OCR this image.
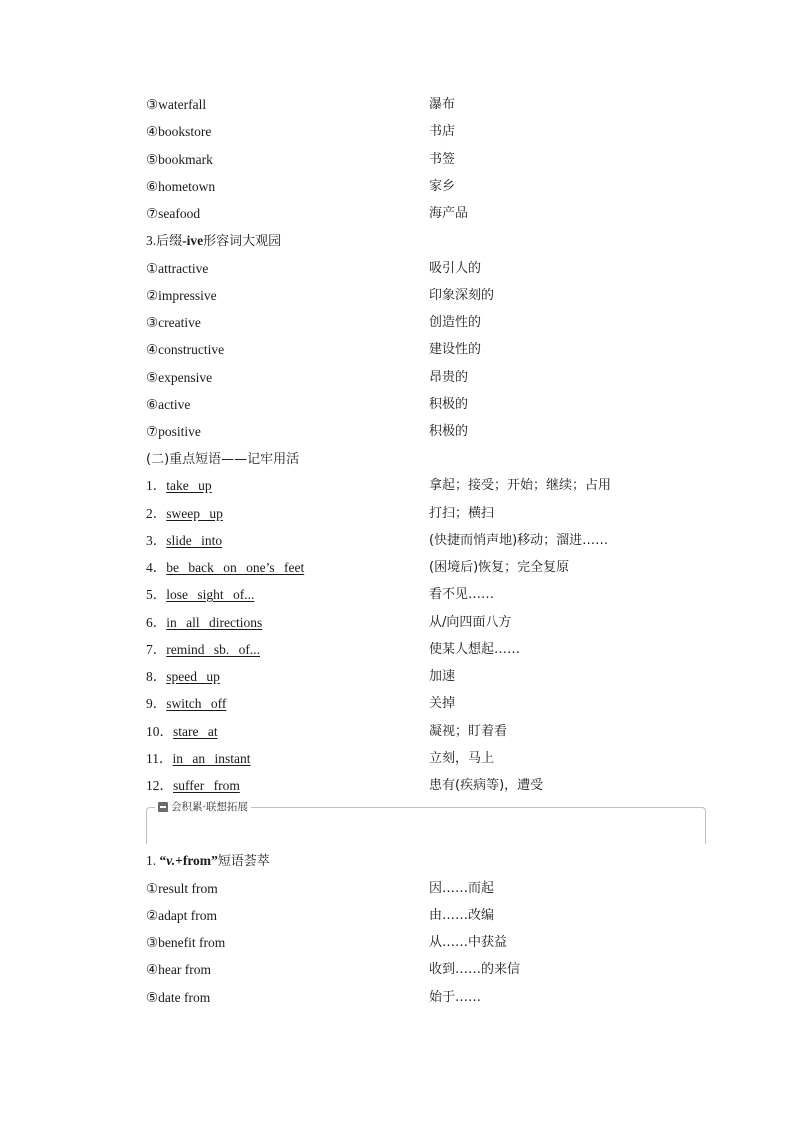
③waterfall	瀑布
④bookstore	书店
⑤bookmark	书签
⑥hometown	家乡
⑦seafood	海产品
3.后缀-ive形容词大观园
①attractive	吸引人的
②impressive	印象深刻的
③creative	创造性的
④constructive	建设性的
⑤expensive	昂贵的
⑥active	积极的
⑦positive	积极的
(二)重点短语——记牢用活
1．take up	拿起；接受；开始；继续；占用
2．sweep up	打扫；横扫
3．slide into	(快捷而悄声地)移动；溜进……
4．be back on one’s feet	(困境后)恢复；完全复原
5．lose sight of...	看不见……
6．in all directions	从/向四面八方
7．remind sb. of...	使某人想起……
8．speed up	加速
9．switch off	关掉
10．stare at	凝视；盯着看
11．in an instant	立刻，马上
12．suffer from	患有(疾病等)，遭受
会积累·联想拓展
1. “v.+from”短语荟萃
①result from	因……而起
②adapt from	由……改编
③benefit from	从……中获益
④hear from	收到……的来信
⑤date from	始于……
